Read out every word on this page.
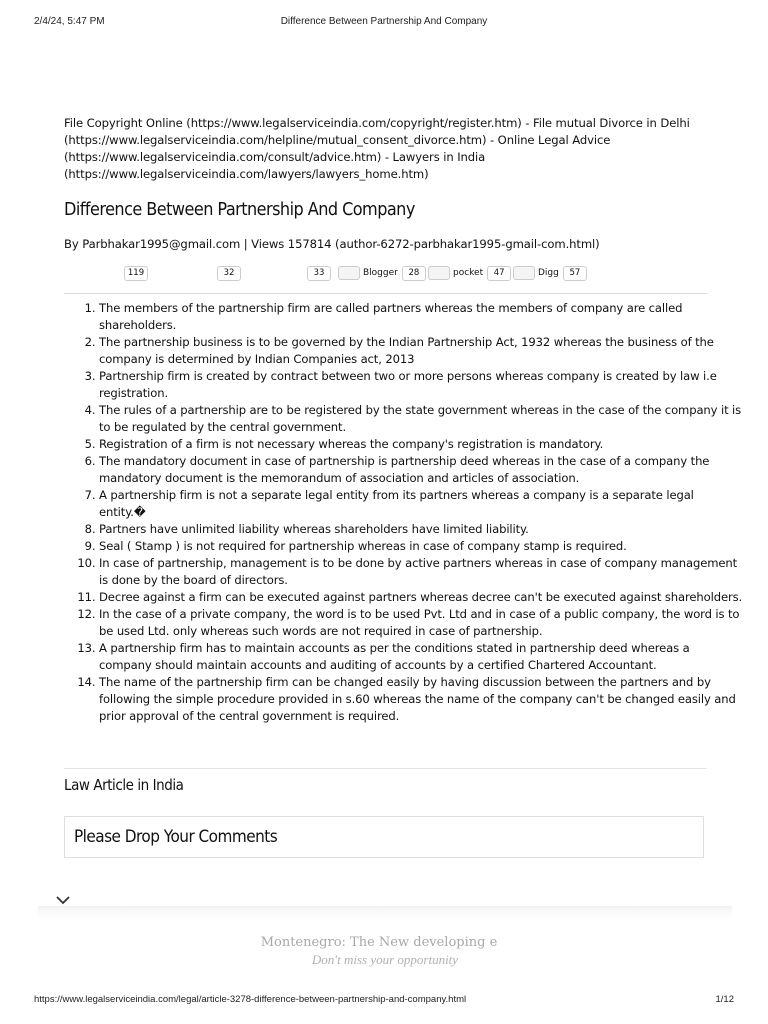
2/4/24, 5:47 PM	Difference Between Partnership And Company
File Copyright Online (https://www.legalserviceindia.com/copyright/register.htm) - File mutual Divorce in Delhi (https://www.legalserviceindia.com/helpline/mutual_consent_divorce.htm) - Online Legal Advice (https://www.legalserviceindia.com/consult/advice.htm) - Lawyers in India (https://www.legalserviceindia.com/lawyers/lawyers_home.htm)
Difference Between Partnership And Company
By Parbhakar1995@gmail.com | Views 157814 (author-6272-parbhakar1995-gmail-com.html)
119	32	33	Blogger	28	pocket	47	Digg	57
1. The members of the partnership firm are called partners whereas the members of company are called shareholders.
2. The partnership business is to be governed by the Indian Partnership Act, 1932 whereas the business of the company is determined by Indian Companies act, 2013
3. Partnership firm is created by contract between two or more persons whereas company is created by law i.e registration.
4. The rules of a partnership are to be registered by the state government whereas in the case of the company it is to be regulated by the central government.
5. Registration of a firm is not necessary whereas the company's registration is mandatory.
6. The mandatory document in case of partnership is partnership deed whereas in the case of a company the mandatory document is the memorandum of association and articles of association.
7. A partnership firm is not a separate legal entity from its partners whereas a company is a separate legal entity.�
8. Partners have unlimited liability whereas shareholders have limited liability.
9. Seal ( Stamp ) is not required for partnership whereas in case of company stamp is required.
10. In case of partnership, management is to be done by active partners whereas in case of company management is done by the board of directors.
11. Decree against a firm can be executed against partners whereas decree can't be executed against shareholders.
12. In the case of a private company, the word is to be used Pvt. Ltd and in case of a public company, the word is to be used Ltd. only whereas such words are not required in case of partnership.
13. A partnership firm has to maintain accounts as per the conditions stated in partnership deed whereas a company should maintain accounts and auditing of accounts by a certified Chartered Accountant.
14. The name of the partnership firm can be changed easily by having discussion between the partners and by following the simple procedure provided in s.60 whereas the name of the company can't be changed easily and prior approval of the central government is required.
Law Article in India
Please Drop Your Comments
Montenegro: The New developing e
Don't miss your opportunity
https://www.legalserviceindia.com/legal/article-3278-difference-between-partnership-and-company.html	1/12
